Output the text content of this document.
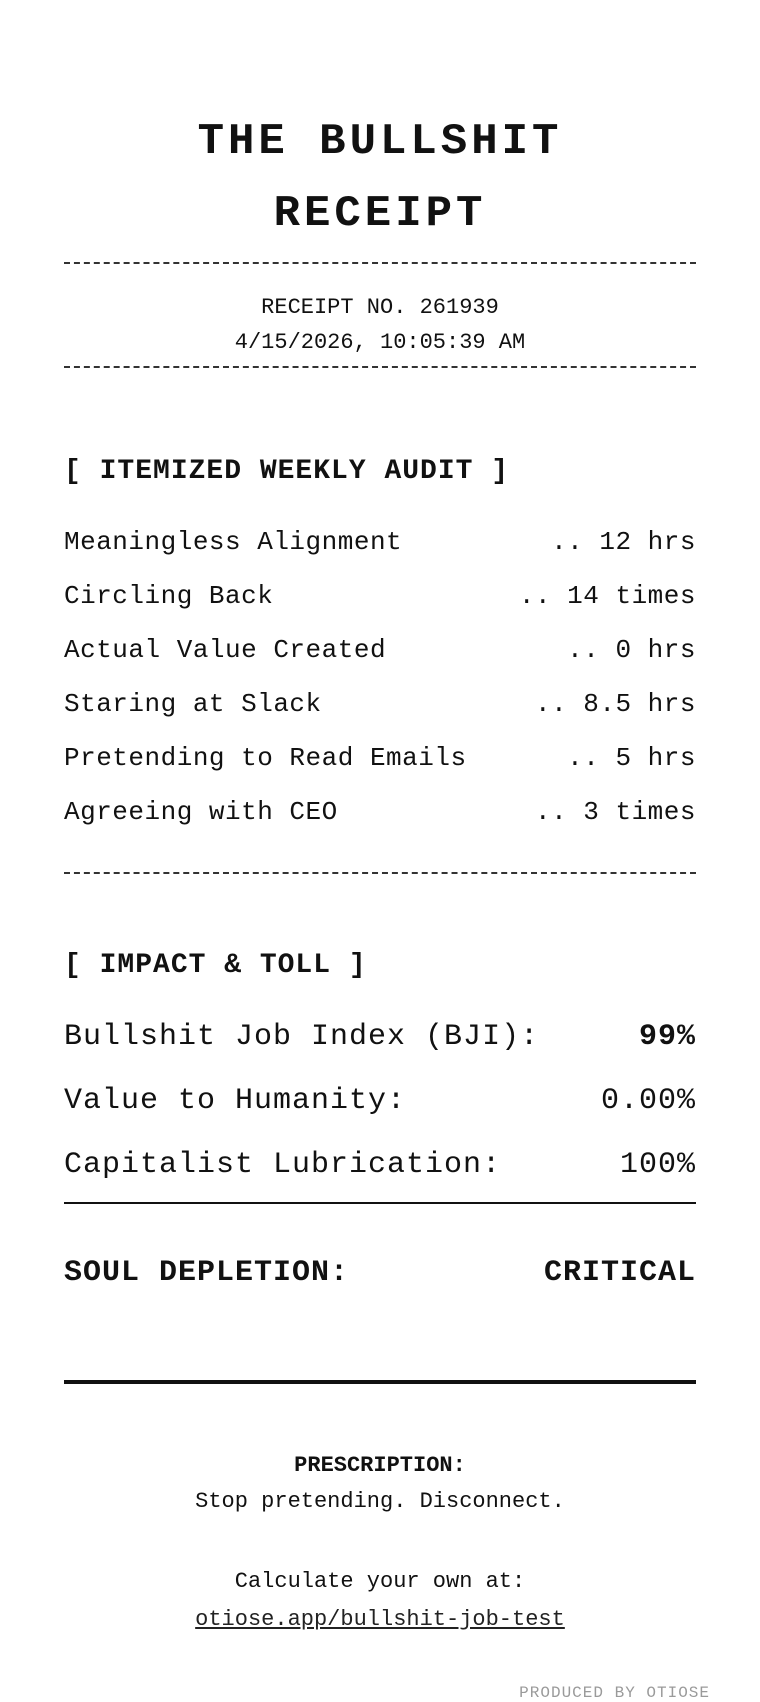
THE BULLSHIT
RECEIPT
RECEIPT NO. 261939
4/15/2026, 10:05:39 AM
[ ITEMIZED WEEKLY AUDIT ]
Meaningless Alignment	.. 12 hrs
Circling Back	.. 14 times
Actual Value Created	.. 0 hrs
Staring at Slack	.. 8.5 hrs
Pretending to Read Emails	.. 5 hrs
Agreeing with CEO	.. 3 times
[ IMPACT & TOLL ]
Bullshit Job Index (BJI):	99%
Value to Humanity:	0.00%
Capitalist Lubrication:	100%
SOUL DEPLETION:	CRITICAL
PRESCRIPTION:
Stop pretending. Disconnect.
Calculate your own at:
otiose.app/bullshit-job-test
PRODUCED BY OTIOSE
